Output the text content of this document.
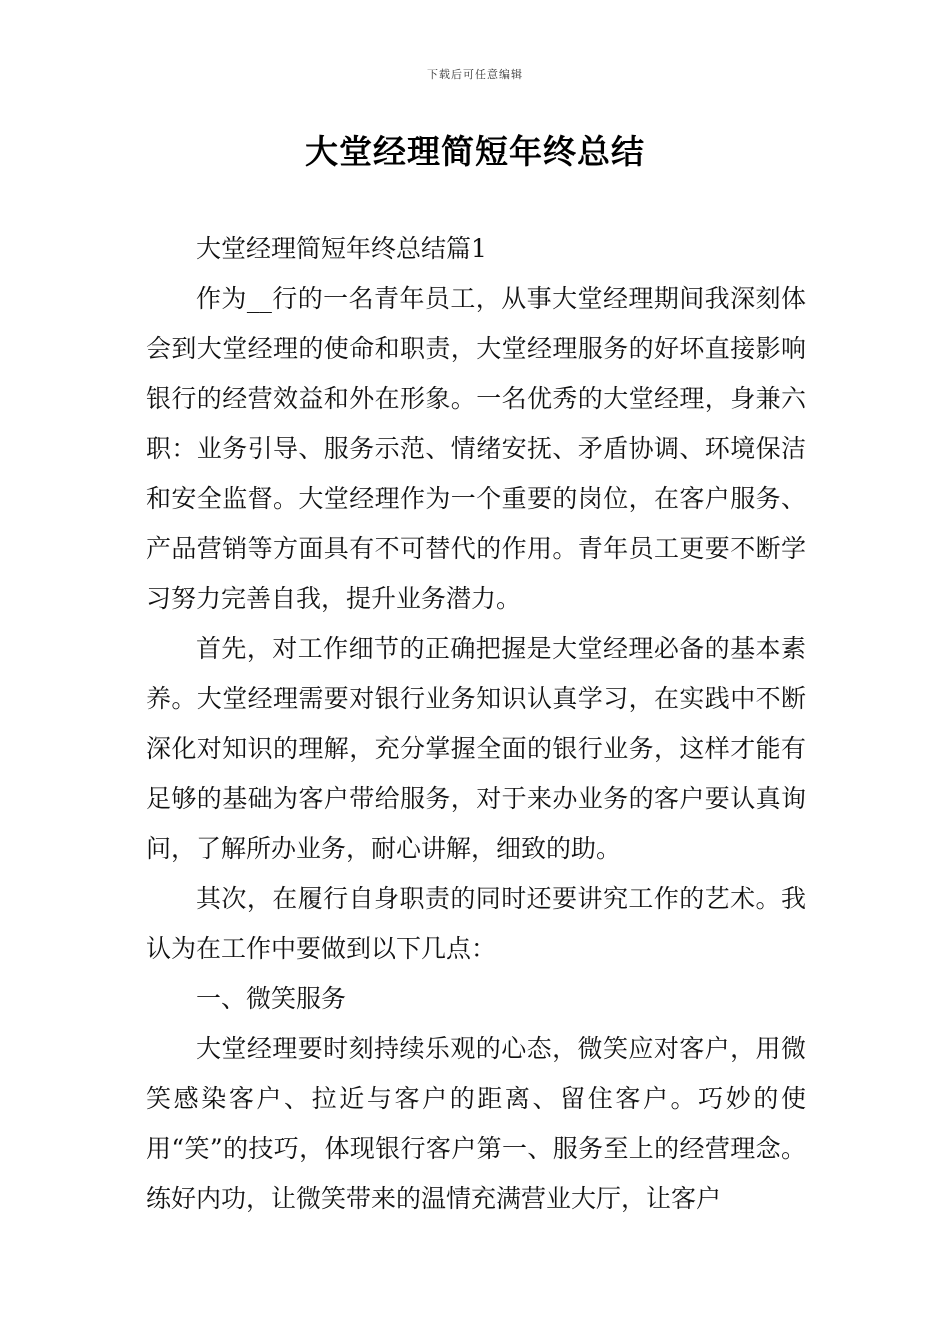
下载后可任意编辑
大堂经理简短年终总结

大堂经理简短年终总结篇1

作为__行的一名青年员工，从事大堂经理期间我深刻体会到大堂经理的使命和职责，大堂经理服务的好坏直接影响银行的经营效益和外在形象。一名优秀的大堂经理，身兼六职：业务引导、服务示范、情绪安抚、矛盾协调、环境保洁和安全监督。大堂经理作为一个重要的岗位，在客户服务、产品营销等方面具有不可替代的作用。青年员工更要不断学习努力完善自我，提升业务潜力。

首先，对工作细节的正确把握是大堂经理必备的基本素养。大堂经理需要对银行业务知识认真学习，在实践中不断深化对知识的理解，充分掌握全面的银行业务，这样才能有足够的基础为客户带给服务，对于来办业务的客户要认真询问，了解所办业务，耐心讲解，细致的助。

其次，在履行自身职责的同时还要讲究工作的艺术。我认为在工作中要做到以下几点：

一、微笑服务

大堂经理要时刻持续乐观的心态，微笑应对客户，用微笑感染客户、拉近与客户的距离、留住客户。巧妙的使用“笑”的技巧，体现银行客户第一、服务至上的经营理念。练好内功，让微笑带来的温情充满营业大厅，让客户
